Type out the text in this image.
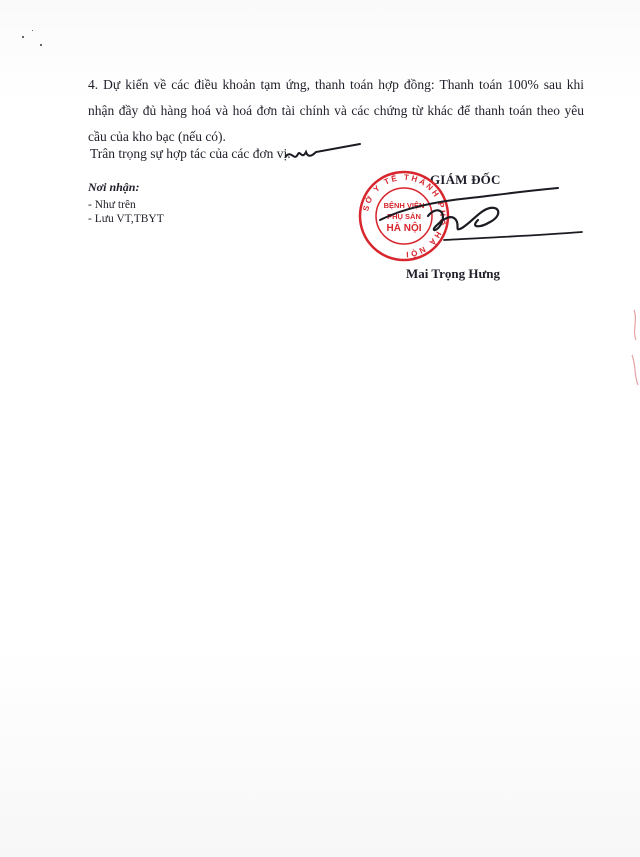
4. Dự kiến về các điều khoản tạm ứng, thanh toán hợp đồng: Thanh toán 100% sau khi nhận đầy đủ hàng hoá và hoá đơn tài chính và các chứng từ khác để thanh toán theo yêu cầu của kho bạc (nếu có).

Trân trọng sự hợp tác của các đơn vị.
Nơi nhận:
- Như trên
- Lưu VT,TBYT
GIÁM ĐỐC
SỞ Y TẾ THÀNH PHỐ HÀ NỘI
BỆNH VIỆN
PHỤ SẢN
HÀ NỘI
Mai Trọng Hưng
